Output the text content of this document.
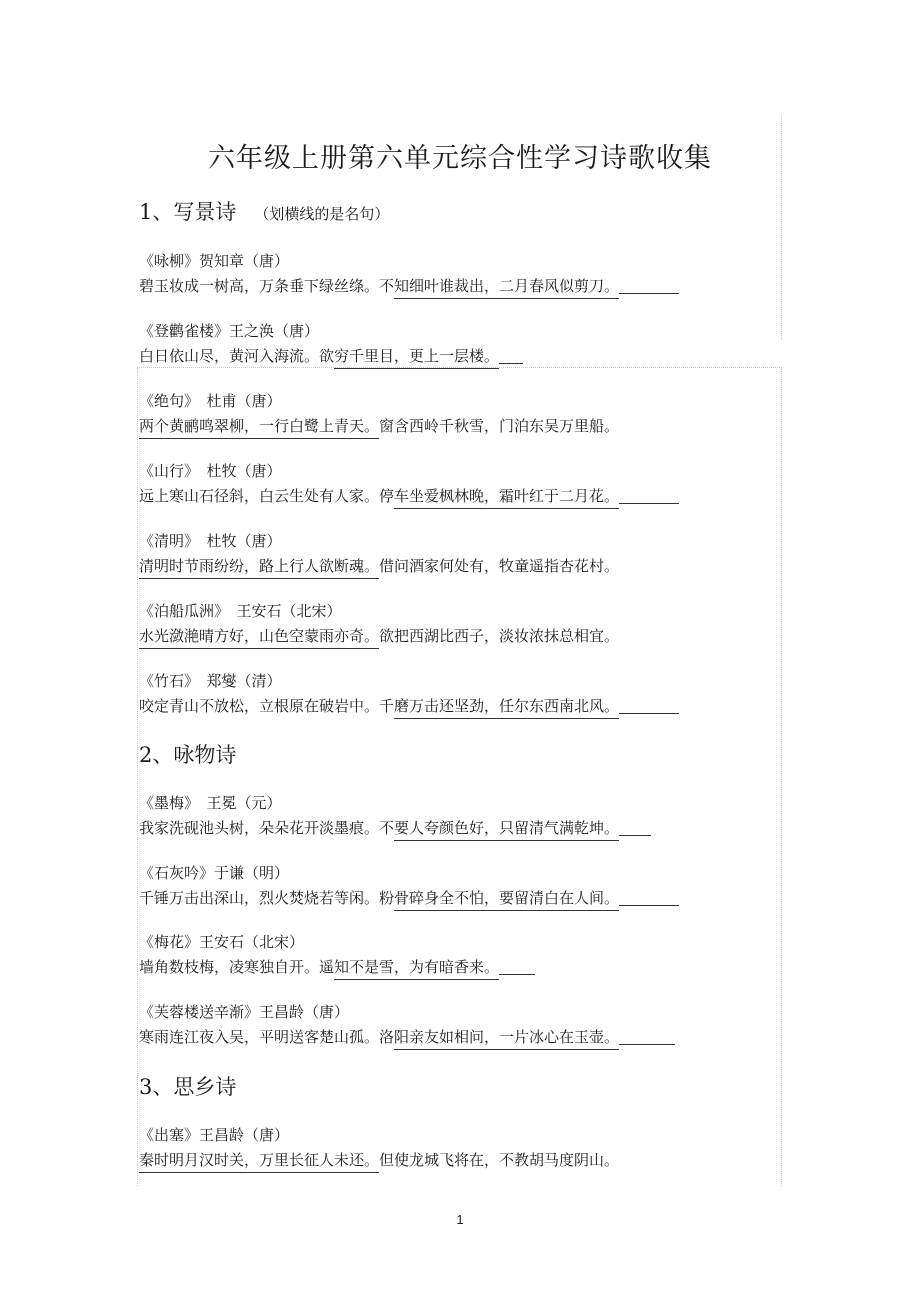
六年级上册第六单元综合性学习诗歌收集
1、写景诗 （划横线的是名句）
《咏柳》贺知章（唐）
碧玉妆成一树高，万条垂下绿丝绦。不知细叶谁裁出，二月春风似剪刀。
《登鹳雀楼》王之涣（唐）
白日依山尽，黄河入海流。欲穷千里目，更上一层楼。
《绝句》　杜甫（唐）
两个黄鹂鸣翠柳，一行白鹭上青天。窗含西岭千秋雪，门泊东吴万里船。
《山行》　杜牧（唐）
远上寒山石径斜，白云生处有人家。停车坐爱枫林晚，霜叶红于二月花。
《清明》　杜牧（唐）
清明时节雨纷纷，路上行人欲断魂。借问酒家何处有，牧童遥指杏花村。
《泊船瓜洲》　王安石（北宋）
水光潋滟晴方好，山色空蒙雨亦奇。欲把西湖比西子，淡妆浓抹总相宜。
《竹石》　郑燮（清）
咬定青山不放松，立根原在破岩中。千磨万击还坚劲，任尔东西南北风。
2、咏物诗
《墨梅》　王冕（元）
我家洗砚池头树，朵朵花开淡墨痕。不要人夸颜色好，只留清气满乾坤。
《石灰吟》于谦（明）
千锤万击出深山，烈火焚烧若等闲。粉骨碎身全不怕，要留清白在人间。
《梅花》王安石（北宋）
墙角数枝梅，凌寒独自开。遥知不是雪，为有暗香来。
《芙蓉楼送辛渐》王昌龄（唐）
寒雨连江夜入吴，平明送客楚山孤。洛阳亲友如相问，一片冰心在玉壶。
3、思乡诗
《出塞》王昌龄（唐）
秦时明月汉时关，万里长征人未还。但使龙城飞将在，不教胡马度阴山。
1
